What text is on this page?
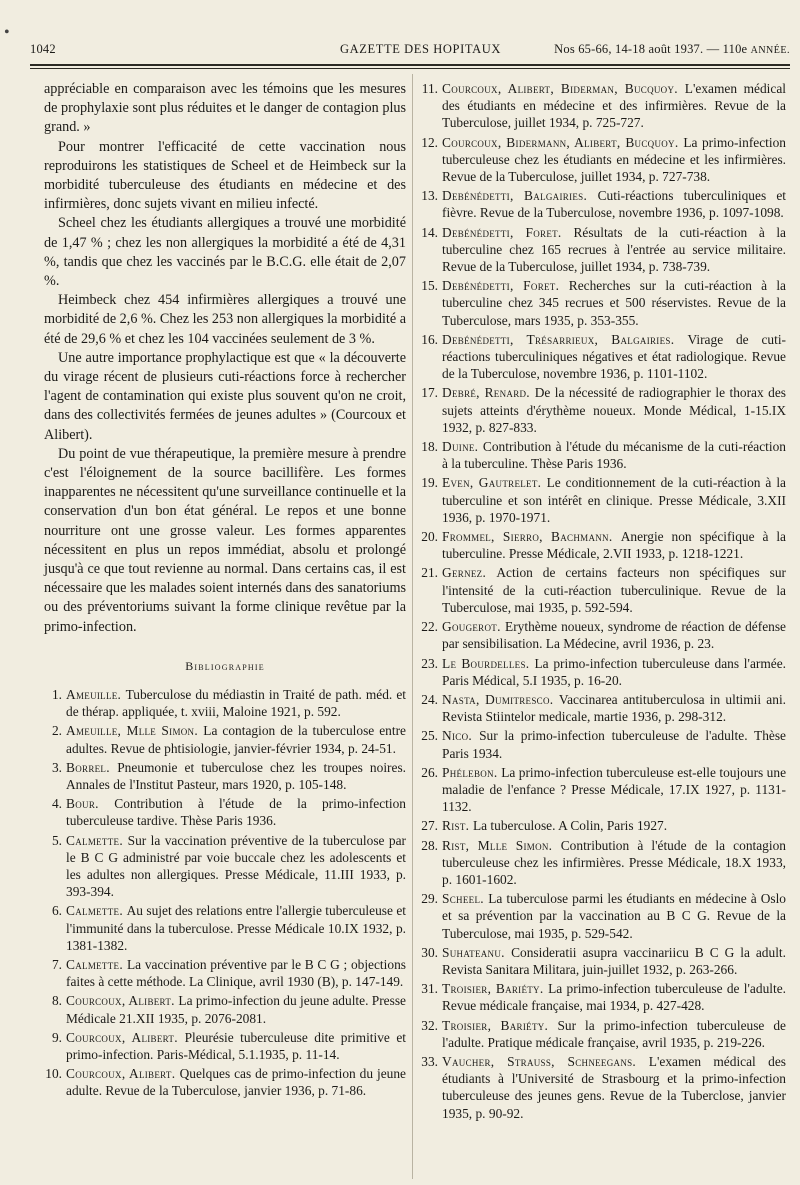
•
1042	GAZETTE DES HOPITAUX	Nos 65-66, 14-18 août 1937. — 110e ANNÉE.

appréciable en comparaison avec les témoins que les mesures de prophylaxie sont plus réduites et le danger de contagion plus grand. »

Pour montrer l'efficacité de cette vaccination nous reproduirons les statistiques de Scheel et de Heimbeck sur la morbidité tuberculeuse des étudiants en médecine et des infirmières, donc sujets vivant en milieu infecté.

Scheel chez les étudiants allergiques a trouvé une morbidité de 1,47 % ; chez les non allergiques la morbidité a été de 4,31 %, tandis que chez les vaccinés par le B.C.G. elle était de 2,07 %.

Heimbeck chez 454 infirmières allergiques a trouvé une morbidité de 2,6 %. Chez les 253 non allergiques la morbidité a été de 29,6 % et chez les 104 vaccinées seulement de 3 %.

Une autre importance prophylactique est que « la découverte du virage récent de plusieurs cuti-réactions force à rechercher l'agent de contamination qui existe plus souvent qu'on ne croit, dans des collectivités fermées de jeunes adultes » (Courcoux et Alibert).

Du point de vue thérapeutique, la première mesure à prendre c'est l'éloignement de la source bacillifère. Les formes inapparentes ne nécessitent qu'une surveillance continuelle et la conservation d'un bon état général. Le repos et une bonne nourriture ont une grosse valeur. Les formes apparentes nécessitent en plus un repos immédiat, absolu et prolongé jusqu'à ce que tout revienne au normal. Dans certains cas, il est nécessaire que les malades soient internés dans des sanatoriums ou des préventoriums suivant la forme clinique revêtue par la primo-infection.

Bibliographie
1. Ameuille. Tuberculose du médiastin in Traité de path. méd. et de thérap. appliquée, t. xviii, Maloine 1921, p. 592.
2. Ameuille, Mlle Simon. La contagion de la tuberculose entre adultes. Revue de phtisiologie, janvier-février 1934, p. 24-51.
3. Borrel. Pneumonie et tuberculose chez les troupes noires. Annales de l'Institut Pasteur, mars 1920, p. 105-148.
4. Bour. Contribution à l'étude de la primo-infection tuberculeuse tardive. Thèse Paris 1936.
5. Calmette. Sur la vaccination préventive de la tuberculose par le B C G administré par voie buccale chez les adolescents et les adultes non allergiques. Presse Médicale, 11.III 1933, p. 393-394.
6. Calmette. Au sujet des relations entre l'allergie tuberculeuse et l'immunité dans la tuberculose. Presse Médicale 10.IX 1932, p. 1381-1382.
7. Calmette. La vaccination préventive par le B C G ; objections faites à cette méthode. La Clinique, avril 1930 (B), p. 147-149.
8. Courcoux, Alibert. La primo-infection du jeune adulte. Presse Médicale 21.XII 1935, p. 2076-2081.
9. Courcoux, Alibert. Pleurésie tuberculeuse dite primitive et primo-infection. Paris-Médical, 5.1.1935, p. 11-14.
10. Courcoux, Alibert. Quelques cas de primo-infection du jeune adulte. Revue de la Tuberculose, janvier 1936, p. 71-86.
11. Courcoux, Alibert, Biderman, Bucquoy. L'examen médical des étudiants en médecine et des infirmières. Revue de la Tuberculose, juillet 1934, p. 725-727.
12. Courcoux, Bidermann, Alibert, Bucquoy. La primo-infection tuberculeuse chez les étudiants en médecine et les infirmières. Revue de la Tuberculose, juillet 1934, p. 727-738.
13. Debénédetti, Balgairies. Cuti-réactions tuberculiniques et fièvre. Revue de la Tuberculose, novembre 1936, p. 1097-1098.
14. Debénédetti, Foret. Résultats de la cuti-réaction à la tuberculine chez 165 recrues à l'entrée au service militaire. Revue de la Tuberculose, juillet 1934, p. 738-739.
15. Debénédetti, Foret. Recherches sur la cuti-réaction à la tuberculine chez 345 recrues et 500 réservistes. Revue de la Tuberculose, mars 1935, p. 353-355.
16. Debénédetti, Trésarrieux, Balgairies. Virage de cuti-réactions tuberculiniques négatives et état radiologique. Revue de la Tuberculose, novembre 1936, p. 1101-1102.
17. Debré, Renard. De la nécessité de radiographier le thorax des sujets atteints d'érythème noueux. Monde Médical, 1-15.IX 1932, p. 827-833.
18. Duine. Contribution à l'étude du mécanisme de la cuti-réaction à la tuberculine. Thèse Paris 1936.
19. Even, Gautrelet. Le conditionnement de la cuti-réaction à la tuberculine et son intérêt en clinique. Presse Médicale, 3.XII 1936, p. 1970-1971.
20. Frommel, Sierro, Bachmann. Anergie non spécifique à la tuberculine. Presse Médicale, 2.VII 1933, p. 1218-1221.
21. Gernez. Action de certains facteurs non spécifiques sur l'intensité de la cuti-réaction tuberculinique. Revue de la Tuberculose, mai 1935, p. 592-594.
22. Gougerot. Erythème noueux, syndrome de réaction de défense par sensibilisation. La Médecine, avril 1936, p. 23.
23. Le Bourdelles. La primo-infection tuberculeuse dans l'armée. Paris Médical, 5.I 1935, p. 16-20.
24. Nasta, Dumitresco. Vaccinarea antituberculosa in ultimii ani. Revista Stiintelor medicale, martie 1936, p. 298-312.
25. Nico. Sur la primo-infection tuberculeuse de l'adulte. Thèse Paris 1934.
26. Phélebon. La primo-infection tuberculeuse est-elle toujours une maladie de l'enfance ? Presse Médicale, 17.IX 1927, p. 1131-1132.
27. Rist. La tuberculose. A Colin, Paris 1927.
28. Rist, Mlle Simon. Contribution à l'étude de la contagion tuberculeuse chez les infirmières. Presse Médicale, 18.X 1933, p. 1601-1602.
29. Scheel. La tuberculose parmi les étudiants en médecine à Oslo et sa prévention par la vaccination au B C G. Revue de la Tuberculose, mai 1935, p. 529-542.
30. Suhateanu. Consideratii asupra vaccinariicu B C G la adult. Revista Sanitara Militara, juin-juillet 1932, p. 263-266.
31. Troisier, Bariéty. La primo-infection tuberculeuse de l'adulte. Revue médicale française, mai 1934, p. 427-428.
32. Troisier, Bariéty. Sur la primo-infection tuberculeuse de l'adulte. Pratique médicale française, avril 1935, p. 219-226.
33. Vaucher, Strauss, Schneegans. L'examen médical des étudiants à l'Université de Strasbourg et la primo-infection tuberculeuse des jeunes gens. Revue de la Tuberclose, janvier 1935, p. 90-92.
